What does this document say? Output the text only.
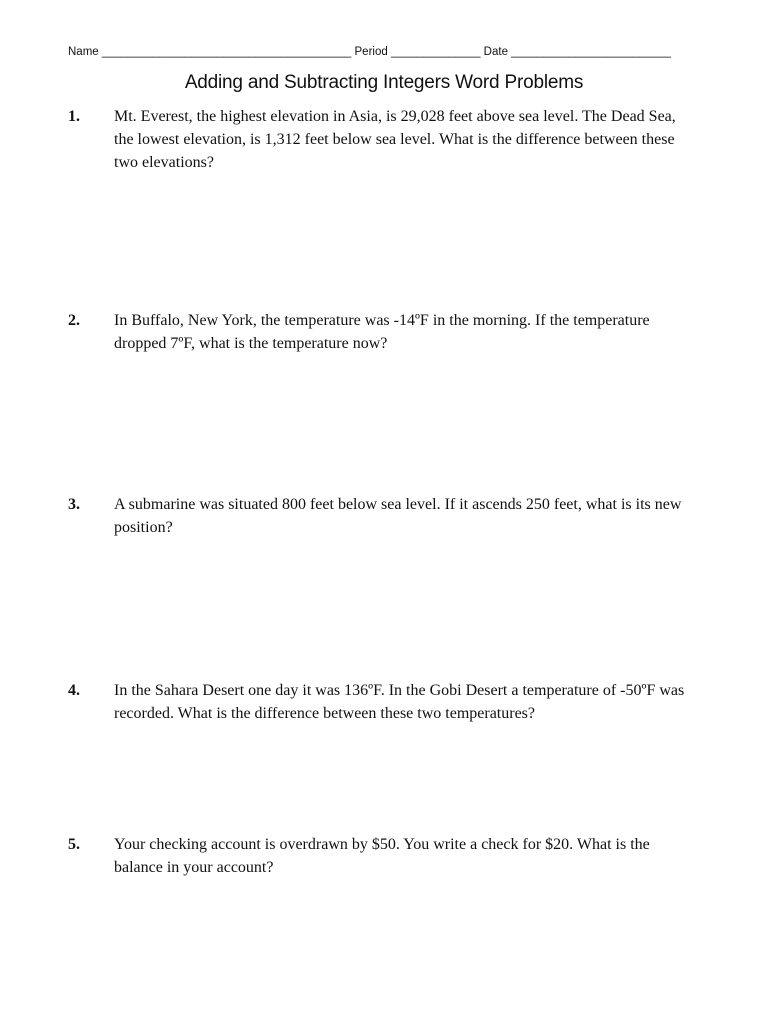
Name _______________________________________ Period ______________ Date _________________________
Adding and Subtracting Integers Word Problems
1. Mt. Everest, the highest elevation in Asia, is 29,028 feet above sea level. The Dead Sea, the lowest elevation, is 1,312 feet below sea level. What is the difference between these two elevations?
2. In Buffalo, New York, the temperature was -14ºF in the morning. If the temperature dropped 7ºF, what is the temperature now?
3. A submarine was situated 800 feet below sea level. If it ascends 250 feet, what is its new position?
4. In the Sahara Desert one day it was 136ºF. In the Gobi Desert a temperature of -50ºF was recorded. What is the difference between these two temperatures?
5. Your checking account is overdrawn by $50. You write a check for $20. What is the balance in your account?
